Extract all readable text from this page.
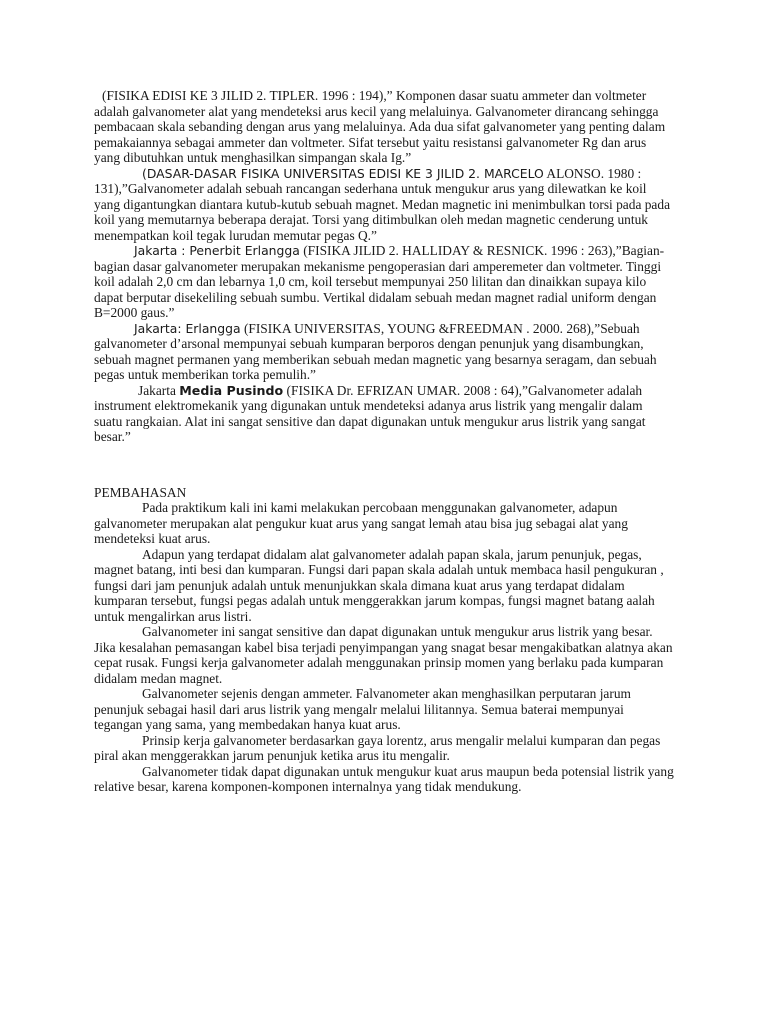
(FISIKA EDISI KE 3 JILID 2. TIPLER. 1996 : 194),” Komponen dasar suatu ammeter dan voltmeter adalah galvanometer alat yang mendeteksi arus kecil yang melaluinya. Galvanometer dirancang sehingga pembacaan skala sebanding dengan arus yang melaluinya. Ada dua sifat galvanometer yang penting dalam pemakaiannya sebagai ammeter dan voltmeter. Sifat tersebut yaitu resistansi galvanometer Rg dan arus yang dibutuhkan untuk menghasilkan simpangan skala Ig.”

(DASAR-DASAR FISIKA UNIVERSITAS EDISI KE 3 JILID 2. MARCELO ALONSO. 1980 : 131),”Galvanometer adalah sebuah rancangan sederhana untuk mengukur arus yang dilewatkan ke koil yang digantungkan diantara kutub-kutub sebuah magnet. Medan magnetic ini menimbulkan torsi pada pada koil yang memutarnya beberapa derajat. Torsi yang ditimbulkan oleh medan magnetic cenderung untuk menempatkan koil tegak lurudan memutar pegas Q.”

Jakarta : Penerbit Erlangga (FISIKA JILID 2. HALLIDAY & RESNICK. 1996 : 263),”Bagian-bagian dasar galvanometer merupakan mekanisme pengoperasian dari amperemeter dan voltmeter. Tinggi koil adalah 2,0 cm dan lebarnya 1,0 cm, koil tersebut mempunyai 250 lilitan dan dinaikkan supaya kilo dapat berputar disekeliling sebuah sumbu. Vertikal didalam sebuah medan magnet radial uniform dengan B=2000 gaus.”

Jakarta: Erlangga (FISIKA UNIVERSITAS, YOUNG &FREEDMAN . 2000. 268),”Sebuah galvanometer d’arsonal mempunyai sebuah kumparan berporos dengan penunjuk yang disambungkan, sebuah magnet permanen yang memberikan sebuah medan magnetic yang besarnya seragam, dan sebuah pegas untuk memberikan torka pemulih.”

Jakarta Media Pusindo (FISIKA Dr. EFRIZAN UMAR. 2008 : 64),”Galvanometer adalah instrument elektromekanik yang digunakan untuk mendeteksi adanya arus listrik yang mengalir dalam suatu rangkaian. Alat ini sangat sensitive dan dapat digunakan untuk mengukur arus listrik yang sangat besar.”

PEMBAHASAN

Pada praktikum kali ini kami melakukan percobaan menggunakan galvanometer, adapun galvanometer merupakan alat pengukur kuat arus yang sangat lemah atau bisa jug sebagai alat yang mendeteksi kuat arus.

Adapun yang terdapat didalam alat galvanometer adalah papan skala, jarum penunjuk, pegas, magnet batang, inti besi dan kumparan. Fungsi dari papan skala adalah untuk membaca hasil pengukuran , fungsi dari jam penunjuk adalah untuk menunjukkan skala dimana kuat arus yang terdapat didalam kumparan tersebut, fungsi pegas adalah untuk menggerakkan jarum kompas, fungsi magnet batang aalah untuk mengalirkan arus listri.

Galvanometer ini sangat sensitive dan dapat digunakan untuk mengukur arus listrik yang besar. Jika kesalahan pemasangan kabel bisa terjadi penyimpangan yang snagat besar mengakibatkan alatnya akan cepat rusak. Fungsi kerja galvanometer adalah menggunakan prinsip momen yang berlaku pada kumparan didalam medan magnet.

Galvanometer sejenis dengan ammeter. Falvanometer akan menghasilkan perputaran jarum penunjuk sebagai hasil dari arus listrik yang mengalr melalui lilitannya. Semua baterai mempunyai tegangan yang sama, yang membedakan hanya kuat arus.

Prinsip kerja galvanometer berdasarkan gaya lorentz, arus mengalir melalui kumparan dan pegas piral akan menggerakkan jarum penunjuk ketika arus itu mengalir.

Galvanometer tidak dapat digunakan untuk mengukur kuat arus maupun beda potensial listrik yang relative besar, karena komponen-komponen internalnya yang tidak mendukung.
